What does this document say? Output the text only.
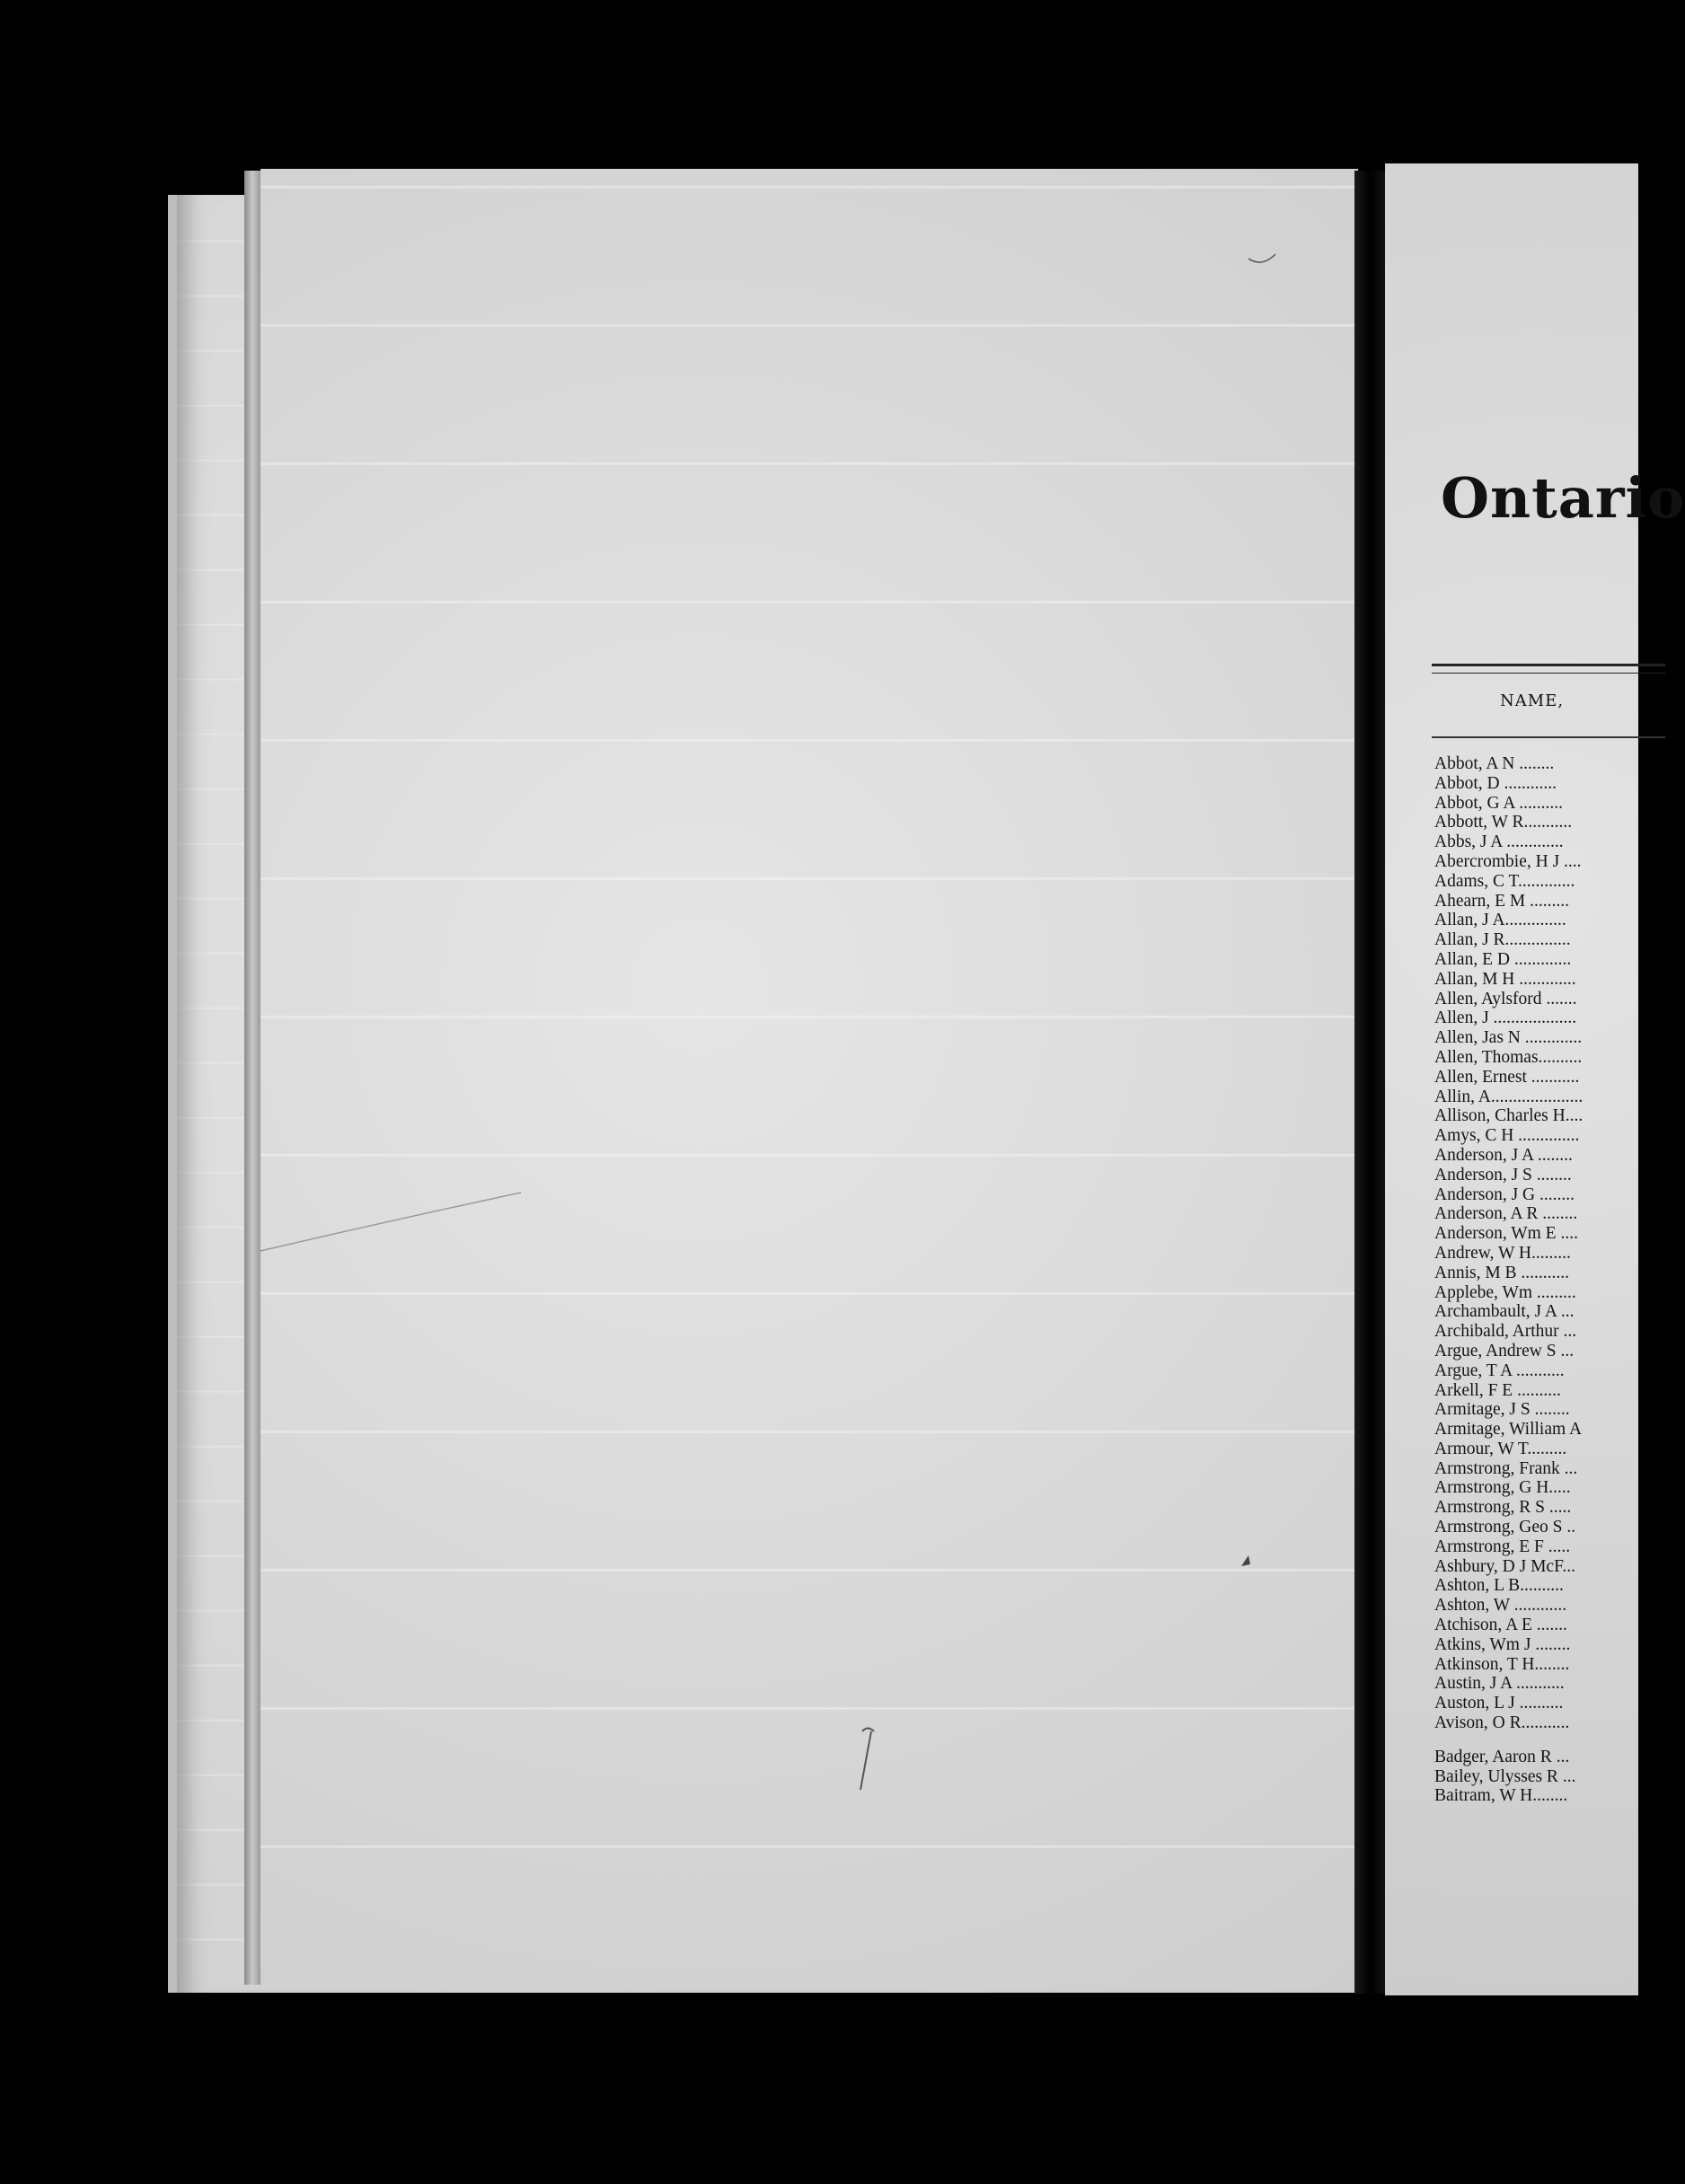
Ontario
NAME,
Abbot, A N ........
Abbot, D ............
Abbot, G A ..........
Abbott, W R...........
Abbs, J A .............
Abercrombie, H J ....
Adams, C T.............
Ahearn, E M .........
Allan, J A..............
Allan, J R...............
Allan, E D .............
Allan, M H .............
Allen, Aylsford .......
Allen, J ...................
Allen, Jas N .............
Allen, Thomas..........
Allen, Ernest ...........
Allin, A.....................
Allison, Charles H....
Amys, C H ..............
Anderson, J A ........
Anderson, J S ........
Anderson, J G ........
Anderson, A R ........
Anderson, Wm E ....
Andrew, W H.........
Annis, M B ...........
Applebe, Wm .........
Archambault, J A ...
Archibald, Arthur ...
Argue, Andrew S ...
Argue, T A ...........
Arkell, F E ..........
Armitage, J S ........
Armitage, William A
Armour, W T.........
Armstrong, Frank ...
Armstrong, G H.....
Armstrong, R S .....
Armstrong, Geo S ..
Armstrong, E F .....
Ashbury, D J McF...
Ashton, L B..........
Ashton, W ............
Atchison, A E .......
Atkins, Wm J ........
Atkinson, T H........
Austin, J A ...........
Auston, L J ..........
Avison, O R...........
Badger, Aaron R ...
Bailey, Ulysses R ...
Baitram, W H........
